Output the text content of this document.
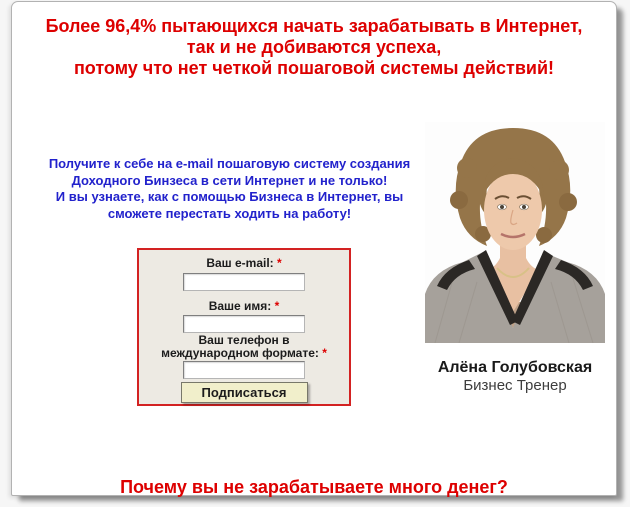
Более 96,4% пытающихся начать зарабатывать в Интернет,
так и не добиваются успеха,
потому что нет четкой пошаговой системы действий!
Получите к себе на e-mail пошаговую систему создания
Доходного Бинзеса в сети Интернет и не только!
И вы узнаете, как с помощью Бизнеса в Интернет, вы
сможете перестать ходить на работу!
Ваш e-mail: *
Ваше имя: *
Ваш телефон в международном формате: *
Подписаться
Алёна Голубовская
Бизнес Тренер
Почему вы не зарабатываете много денег?
